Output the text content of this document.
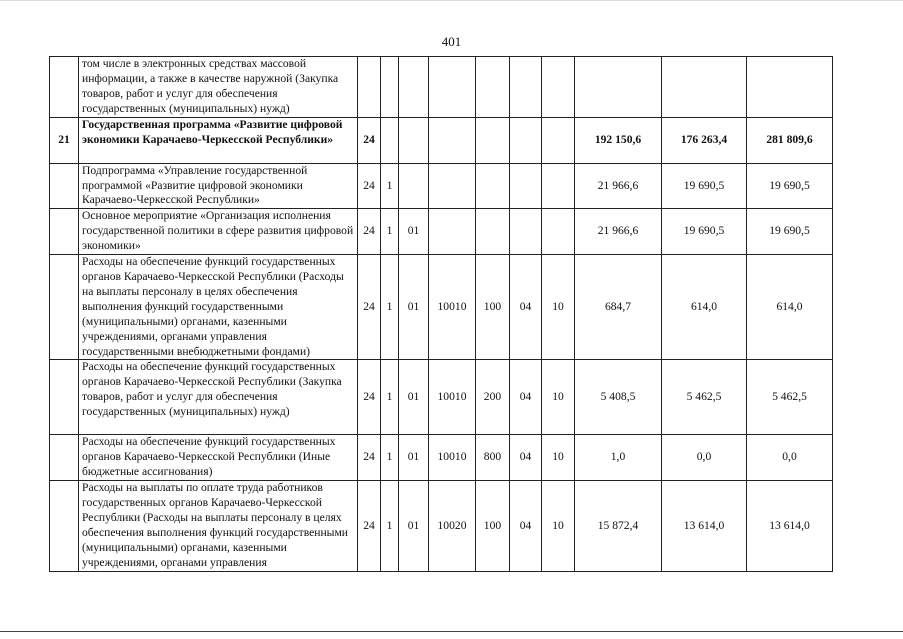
401
	том числе в электронных средствах массовой информации, а также в качестве наружной (Закупка товаров, работ и услуг для обеспечения государственных (муниципальных) нужд)										
21	Государственная программа «Развитие цифровой экономики Карачаево-Черкесской Республики»	24							192 150,6	176 263,4	281 809,6
	Подпрограмма «Управление государственной программой «Развитие цифровой экономики Карачаево-Черкесской Республики»	24	1						21 966,6	19 690,5	19 690,5
	Основное мероприятие «Организация исполнения государственной политики в сфере развития цифровой экономики»	24	1	01					21 966,6	19 690,5	19 690,5
	Расходы на обеспечение функций государственных органов Карачаево-Черкесской Республики (Расходы на выплаты персоналу в целях обеспечения выполнения функций государственными (муниципальными) органами, казенными учреждениями, органами управления государственными внебюджетными фондами)	24	1	01	10010	100	04	10	684,7	614,0	614,0
	Расходы на обеспечение функций государственных органов Карачаево-Черкесской Республики (Закупка товаров, работ и услуг для обеспечения государственных (муниципальных) нужд)	24	1	01	10010	200	04	10	5 408,5	5 462,5	5 462,5
	Расходы на обеспечение функций государственных органов Карачаево-Черкесской Республики (Иные бюджетные ассигнования)	24	1	01	10010	800	04	10	1,0	0,0	0,0
	Расходы на выплаты по оплате труда работников государственных органов Карачаево-Черкесской Республики (Расходы на выплаты персоналу в целях обеспечения выполнения функций государственными (муниципальными) органами, казенными учреждениями, органами управления	24	1	01	10020	100	04	10	15 872,4	13 614,0	13 614,0
